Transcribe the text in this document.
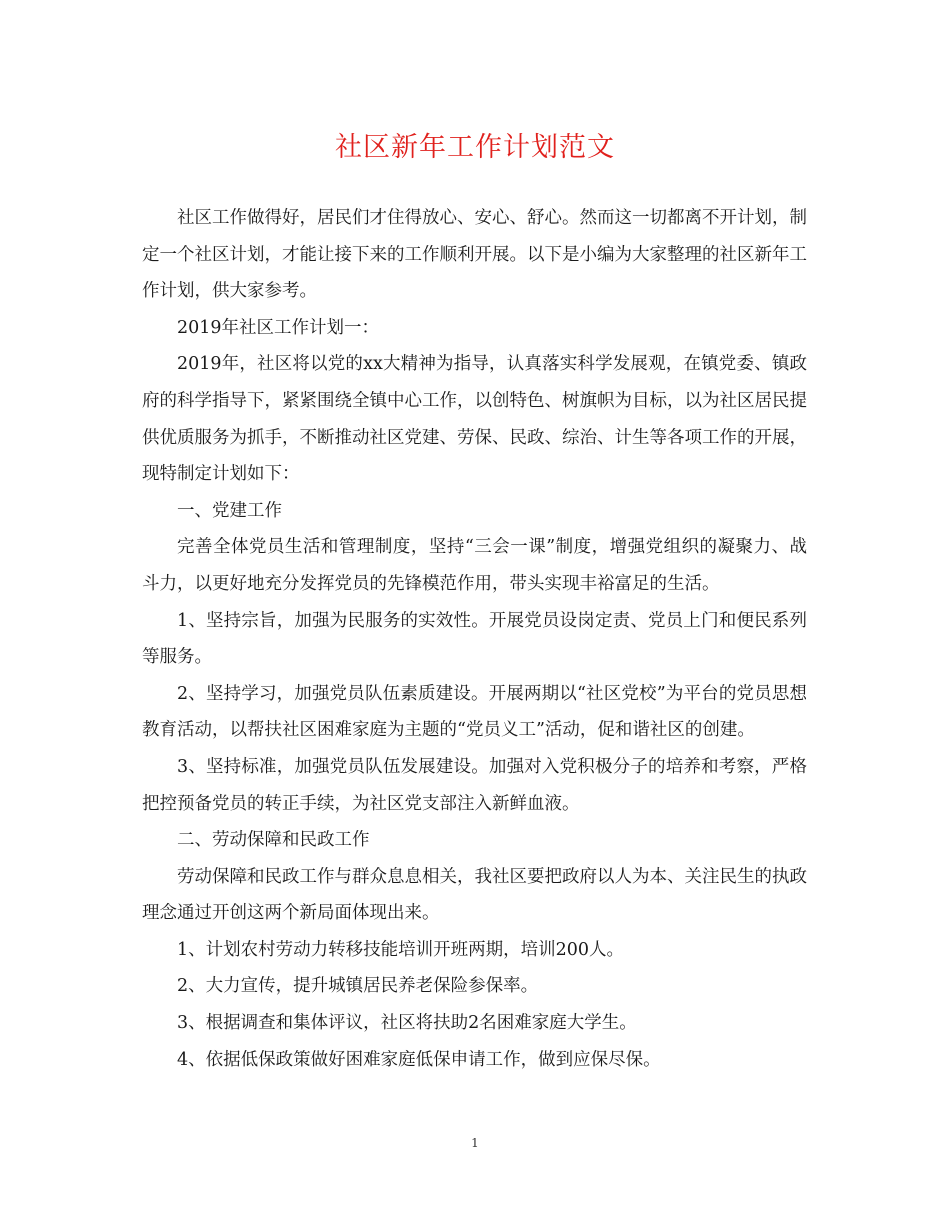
社区新年工作计划范文

社区工作做得好，居民们才住得放心、安心、舒心。然而这一切都离不开计划，制定一个社区计划，才能让接下来的工作顺利开展。以下是小编为大家整理的社区新年工作计划，供大家参考。

2019年社区工作计划一：

2019年，社区将以党的xx大精神为指导，认真落实科学发展观，在镇党委、镇政府的科学指导下，紧紧围绕全镇中心工作，以创特色、树旗帜为目标，以为社区居民提供优质服务为抓手，不断推动社区党建、劳保、民政、综治、计生等各项工作的开展，现特制定计划如下：

一、党建工作

完善全体党员生活和管理制度，坚持“三会一课”制度，增强党组织的凝聚力、战斗力，以更好地充分发挥党员的先锋模范作用，带头实现丰裕富足的生活。

1、坚持宗旨，加强为民服务的实效性。开展党员设岗定责、党员上门和便民系列等服务。

2、坚持学习，加强党员队伍素质建设。开展两期以“社区党校”为平台的党员思想教育活动，以帮扶社区困难家庭为主题的“党员义工”活动，促和谐社区的创建。

3、坚持标准，加强党员队伍发展建设。加强对入党积极分子的培养和考察，严格把控预备党员的转正手续，为社区党支部注入新鲜血液。

二、劳动保障和民政工作

劳动保障和民政工作与群众息息相关，我社区要把政府以人为本、关注民生的执政理念通过开创这两个新局面体现出来。

1、计划农村劳动力转移技能培训开班两期，培训200人。

2、大力宣传，提升城镇居民养老保险参保率。

3、根据调查和集体评议，社区将扶助2名困难家庭大学生。

4、依据低保政策做好困难家庭低保申请工作，做到应保尽保。

1
